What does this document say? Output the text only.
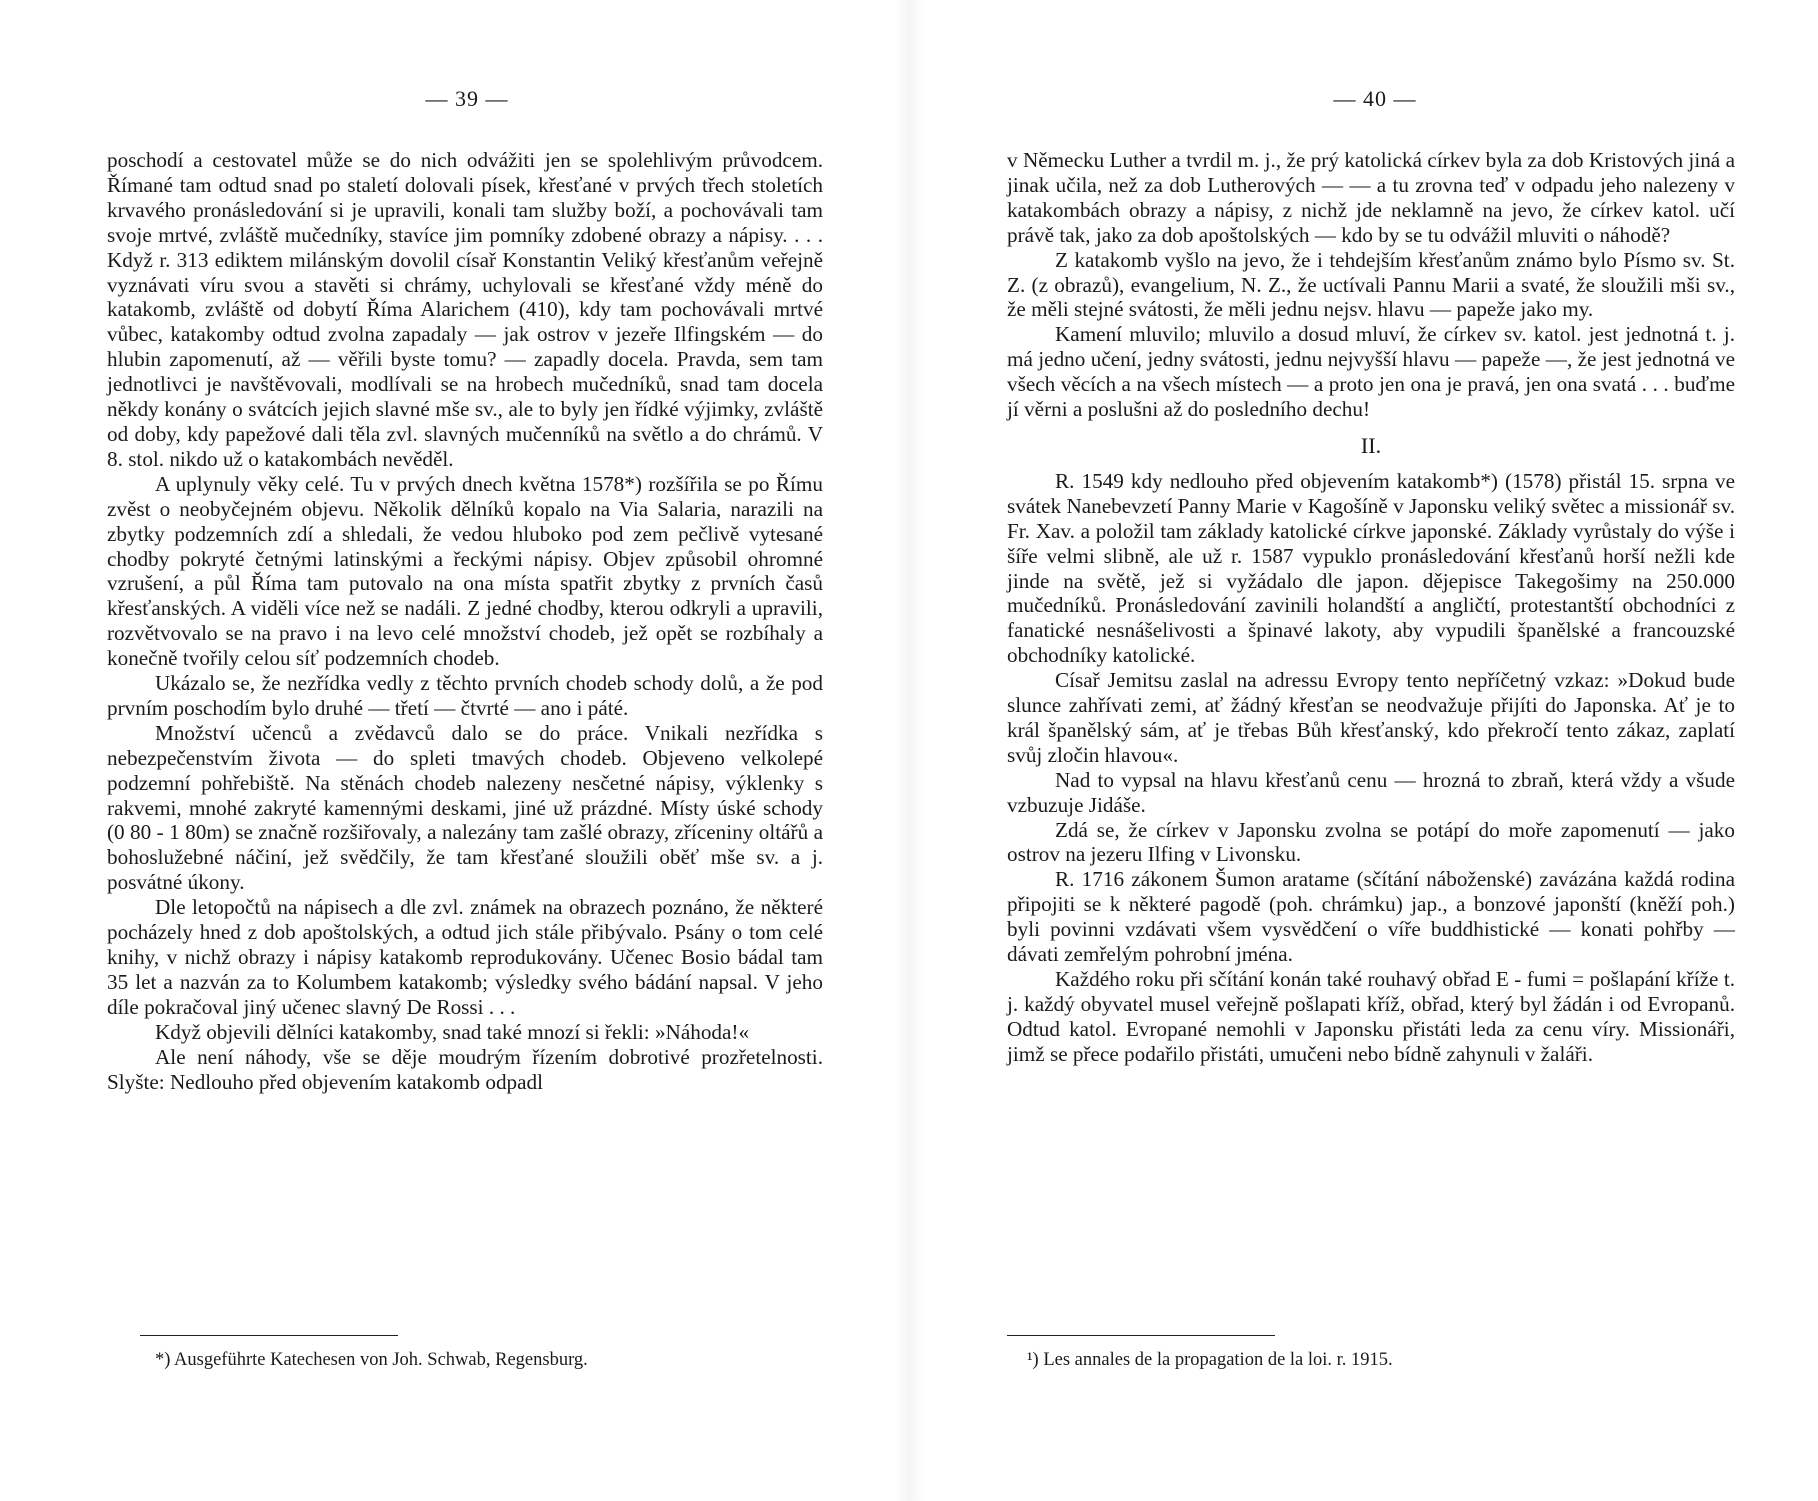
— 39 —

poschodí a cestovatel může se do nich odvážiti jen se spolehlivým průvodcem. Římané tam odtud snad po staletí dolovali písek, křesťané v prvých třech stoletích krvavého pronásledování si je upravili, konali tam služby boží, a pochovávali tam svoje mrtvé, zvláště mučedníky, stavíce jim pomníky zdobené obrazy a nápisy. . . . Když r. 313 ediktem milánským dovolil císař Konstantin Veliký křesťanům veřejně vyznávati víru svou a stavěti si chrámy, uchylovali se křesťané vždy méně do katakomb, zvláště od dobytí Říma Alarichem (410), kdy tam pochovávali mrtvé vůbec, katakomby odtud zvolna zapadaly — jak ostrov v jezeře Ilfingském — do hlubin zapomenutí, až — věřili byste tomu? — zapadly docela. Pravda, sem tam jednotlivci je navštěvovali, modlívali se na hrobech mučedníků, snad tam docela někdy konány o svátcích jejich slavné mše sv., ale to byly jen řídké výjimky, zvláště od doby, kdy papežové dali těla zvl. slavných mučenníků na světlo a do chrámů. V 8. stol. nikdo už o katakombách nevěděl.

A uplynuly věky celé. Tu v prvých dnech května 1578*) rozšířila se po Římu zvěst o neobyčejném objevu. Několik dělníků kopalo na Via Salaria, narazili na zbytky podzemních zdí a shledali, že vedou hluboko pod zem pečlivě vytesané chodby pokryté četnými latinskými a řeckými nápisy. Objev způsobil ohromné vzrušení, a půl Říma tam putovalo na ona místa spatřit zbytky z prvních časů křesťanských. A viděli více než se nadáli. Z jedné chodby, kterou odkryli a upravili, rozvětvovalo se na pravo i na levo celé množství chodeb, jež opět se rozbíhaly a konečně tvořily celou síť podzemních chodeb.

Ukázalo se, že nezřídka vedly z těchto prvních chodeb schody dolů, a že pod prvním poschodím bylo druhé — třetí — čtvrté — ano i páté.

Množství učenců a zvědavců dalo se do práce. Vnikali nezřídka s nebezpečenstvím života — do spleti tmavých chodeb. Objeveno velkolepé podzemní pohřebiště. Na stěnách chodeb nalezeny nesčetné nápisy, výklenky s rakvemi, mnohé zakryté kamennými deskami, jiné už prázdné. Místy úské schody (0 80 - 1 80m) se značně rozšiřovaly, a nalezány tam zašlé obrazy, zříceniny oltářů a bohoslužebné náčiní, jež svědčily, že tam křesťané sloužili oběť mše sv. a j. posvátné úkony.

Dle letopočtů na nápisech a dle zvl. známek na obrazech poznáno, že některé pocházely hned z dob apoštolských, a odtud jich stále přibývalo. Psány o tom celé knihy, v nichž obrazy i nápisy katakomb reprodukovány. Učenec Bosio bádal tam 35 let a nazván za to Kolumbem katakomb; výsledky svého bádání napsal. V jeho díle pokračoval jiný učenec slavný De Rossi . . .

Když objevili dělníci katakomby, snad také mnozí si řekli: »Náhoda!«

Ale není náhody, vše se děje moudrým řízením dobrotivé prozřetelnosti. Slyšte: Nedlouho před objevením katakomb odpadl

*) Ausgeführte Katechesen von Joh. Schwab, Regensburg.
— 40 —

v Německu Luther a tvrdil m. j., že prý katolická církev byla za dob Kristových jiná a jinak učila, než za dob Lutherových — — a tu zrovna teď v odpadu jeho nalezeny v katakombách obrazy a nápisy, z nichž jde neklamně na jevo, že církev katol. učí právě tak, jako za dob apoštolských — kdo by se tu odvážil mluviti o náhodě?

Z katakomb vyšlo na jevo, že i tehdejším křesťanům známo bylo Písmo sv. St. Z. (z obrazů), evangelium, N. Z., že uctívali Pannu Marii a svaté, že sloužili mši sv., že měli stejné svátosti, že měli jednu nejsv. hlavu — papeže jako my.

Kamení mluvilo; mluvilo a dosud mluví, že církev sv. katol. jest jednotná t. j. má jedno učení, jedny svátosti, jednu nejvyšší hlavu — papeže —, že jest jednotná ve všech věcích a na všech místech — a proto jen ona je pravá, jen ona svatá . . . buďme jí věrni a poslušni až do posledního dechu!

II.

R. 1549 kdy nedlouho před objevením katakomb*) (1578) přistál 15. srpna ve svátek Nanebevzetí Panny Marie v Kagošíně v Japonsku veliký světec a missionář sv. Fr. Xav. a položil tam základy katolické církve japonské. Základy vyrůstaly do výše i šíře velmi slibně, ale už r. 1587 vypuklo pronásledování křesťanů horší nežli kde jinde na světě, jež si vyžádalo dle japon. dějepisce Takegošimy na 250.000 mučedníků. Pronásledování zavinili holandští a angličtí, protestantští obchodníci z fanatické nesnášelivosti a špinavé lakoty, aby vypudili španělské a francouzské obchodníky katolické.

Císař Jemitsu zaslal na adressu Evropy tento nepříčetný vzkaz: »Dokud bude slunce zahřívati zemi, ať žádný křesťan se neodvažuje přijíti do Japonska. Ať je to král španělský sám, ať je třebas Bůh křesťanský, kdo překročí tento zákaz, zaplatí svůj zločin hlavou«.

Nad to vypsal na hlavu křesťanů cenu — hrozná to zbraň, která vždy a všude vzbuzuje Jidáše.

Zdá se, že církev v Japonsku zvolna se potápí do moře zapomenutí — jako ostrov na jezeru Ilfing v Livonsku.

R. 1716 zákonem Šumon aratame (sčítání náboženské) zavázána každá rodina připojiti se k některé pagodě (poh. chrámku) jap., a bonzové japonští (kněží poh.) byli povinni vzdávati všem vysvědčení o víře buddhistické — konati pohřby — dávati zemřelým pohrobní jména.

Každého roku při sčítání konán také rouhavý obřad E - fumi = pošlapání kříže t. j. každý obyvatel musel veřejně pošlapati kříž, obřad, který byl žádán i od Evropanů. Odtud katol. Evropané nemohli v Japonsku přistáti leda za cenu víry. Missionáři, jimž se přece podařilo přistáti, umučeni nebo bídně zahynuli v žaláři.

¹) Les annales de la propagation de la loi. r. 1915.
